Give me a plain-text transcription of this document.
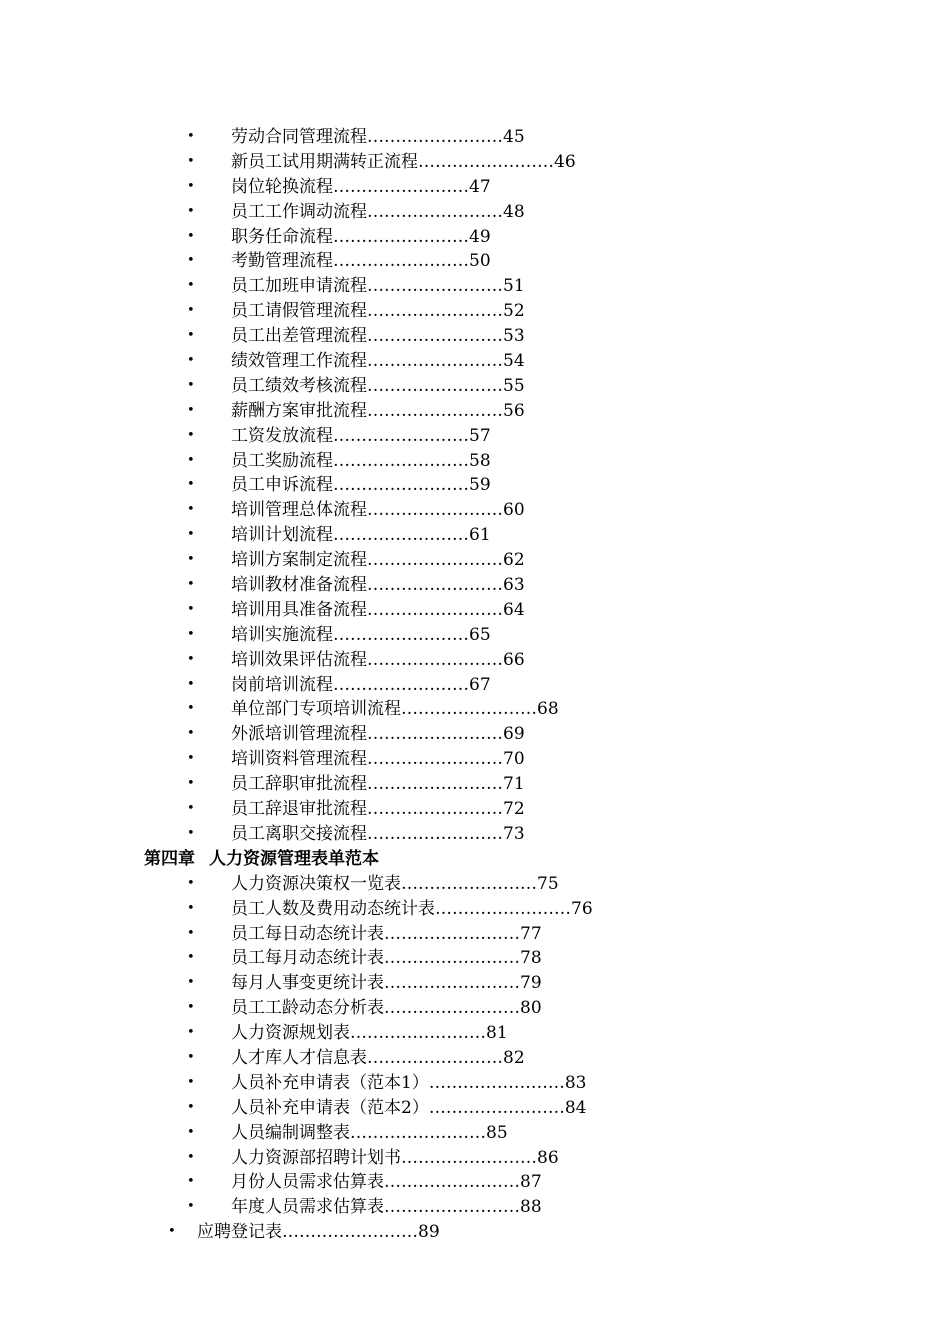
• 劳动合同管理流程……………………45
• 新员工试用期满转正流程……………………46
• 岗位轮换流程……………………47
• 员工工作调动流程……………………48
• 职务任命流程……………………49
• 考勤管理流程……………………50
• 员工加班申请流程……………………51
• 员工请假管理流程……………………52
• 员工出差管理流程……………………53
• 绩效管理工作流程……………………54
• 员工绩效考核流程……………………55
• 薪酬方案审批流程……………………56
• 工资发放流程……………………57
• 员工奖励流程……………………58
• 员工申诉流程……………………59
• 培训管理总体流程……………………60
• 培训计划流程……………………61
• 培训方案制定流程……………………62
• 培训教材准备流程……………………63
• 培训用具准备流程……………………64
• 培训实施流程……………………65
• 培训效果评估流程……………………66
• 岗前培训流程……………………67
• 单位部门专项培训流程……………………68
• 外派培训管理流程……………………69
• 培训资料管理流程……………………70
• 员工辞职审批流程……………………71
• 员工辞退审批流程……………………72
• 员工离职交接流程……………………73
第四章 人力资源管理表单范本
• 人力资源决策权一览表……………………75
• 员工人数及费用动态统计表……………………76
• 员工每日动态统计表……………………77
• 员工每月动态统计表……………………78
• 每月人事变更统计表……………………79
• 员工工龄动态分析表……………………80
• 人力资源规划表……………………81
• 人才库人才信息表……………………82
• 人员补充申请表（范本1）……………………83
• 人员补充申请表（范本2）……………………84
• 人员编制调整表……………………85
• 人力资源部招聘计划书……………………86
• 月份人员需求估算表……………………87
• 年度人员需求估算表……………………88
• 应聘登记表……………………89
